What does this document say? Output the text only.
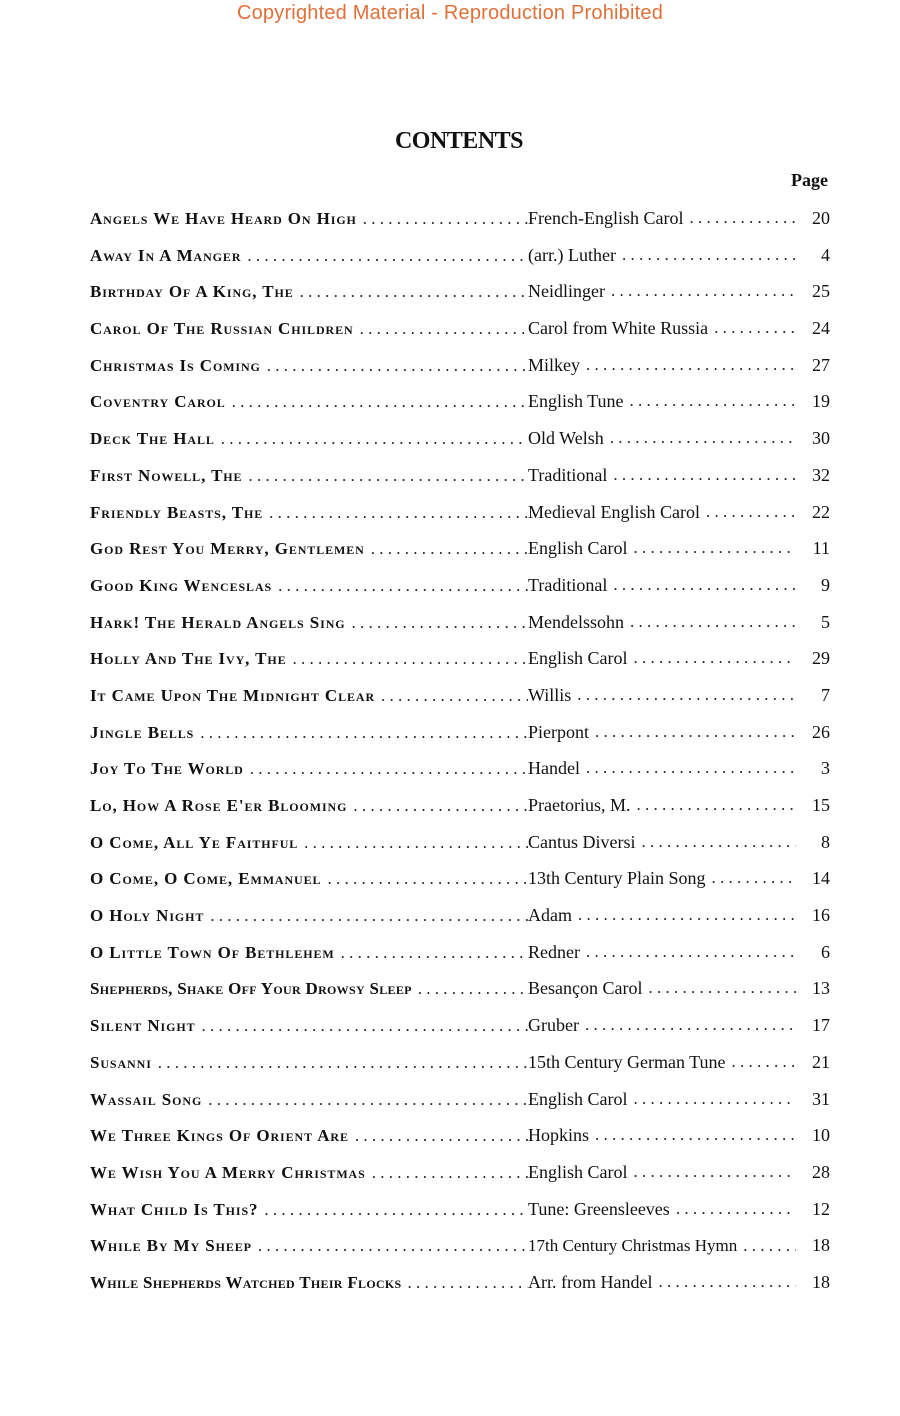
Copyrighted Material - Reproduction Prohibited
CONTENTS
Page
Angels We Have Heard On High . . .	French-English Carol . . .	20
Away In A Manger . . .	(arr.) Luther . . .	4
Birthday Of A King, The . . .	Neidlinger . . .	25
Carol Of The Russian Children . . .	Carol from White Russia . . .	24
Christmas Is Coming . . .	Milkey . . .	27
Coventry Carol . . .	English Tune . . .	19
Deck The Hall . . .	Old Welsh . . .	30
First Nowell, The . . .	Traditional . . .	32
Friendly Beasts, The . . .	Medieval English Carol . . .	22
God Rest You Merry, Gentlemen . . .	English Carol . . .	11
Good King Wenceslas . . .	Traditional . . .	9
Hark! The Herald Angels Sing . . .	Mendelssohn . . .	5
Holly And The Ivy, The . . .	English Carol . . .	29
It Came Upon The Midnight Clear . . .	Willis . . .	7
Jingle Bells . . .	Pierpont . . .	26
Joy To The World . . .	Handel . . .	3
Lo, How A Rose E'er Blooming . . .	Praetorius, M. . . .	15
O Come, All Ye Faithful . . .	Cantus Diversi . . .	8
O Come, O Come, Emmanuel . . .	13th Century Plain Song . . .	14
O Holy Night . . .	Adam . . .	16
O Little Town Of Bethlehem . . .	Redner . . .	6
Shepherds, Shake Off Your Drowsy Sleep . . .	Besançon Carol . . .	13
Silent Night . . .	Gruber . . .	17
Susanni . . .	15th Century German Tune . . .	21
Wassail Song . . .	English Carol . . .	31
We Three Kings Of Orient Are . . .	Hopkins . . .	10
We Wish You A Merry Christmas . . .	English Carol . . .	28
What Child Is This? . . .	Tune: Greensleeves . . .	12
While By My Sheep . . .	17th Century Christmas Hymn . . .	18
While Shepherds Watched Their Flocks . . .	Arr. from Handel . . .	18
